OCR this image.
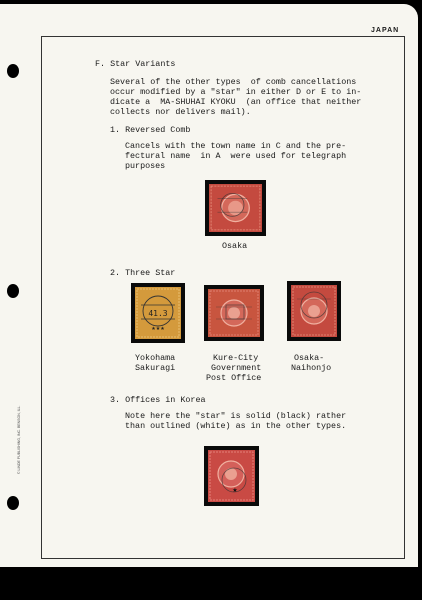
JAPAN
F. Star Variants
Several of the other types  of comb cancellations
occur modified by a "star" in either D or E to in-
dicate a  MA-SHUHAI KYOKU  (an office that neither
collects nor delivers mail).
1. Reversed Comb
Cancels with the town name in C and the pre-
fectural name  in A  were used for telegraph
purposes
Osaka
2. Three Star
41.3
★★★
Yokohama
Sakuragi
Kure-City
Government
Post Office
Osaka-
Naihonjo
3. Offices in Korea
Note here the "star" is solid (black) rather
than outlined (white) as in the other types.
★
© LINDE PUBLISHING, INC. BENSON, ILL.
